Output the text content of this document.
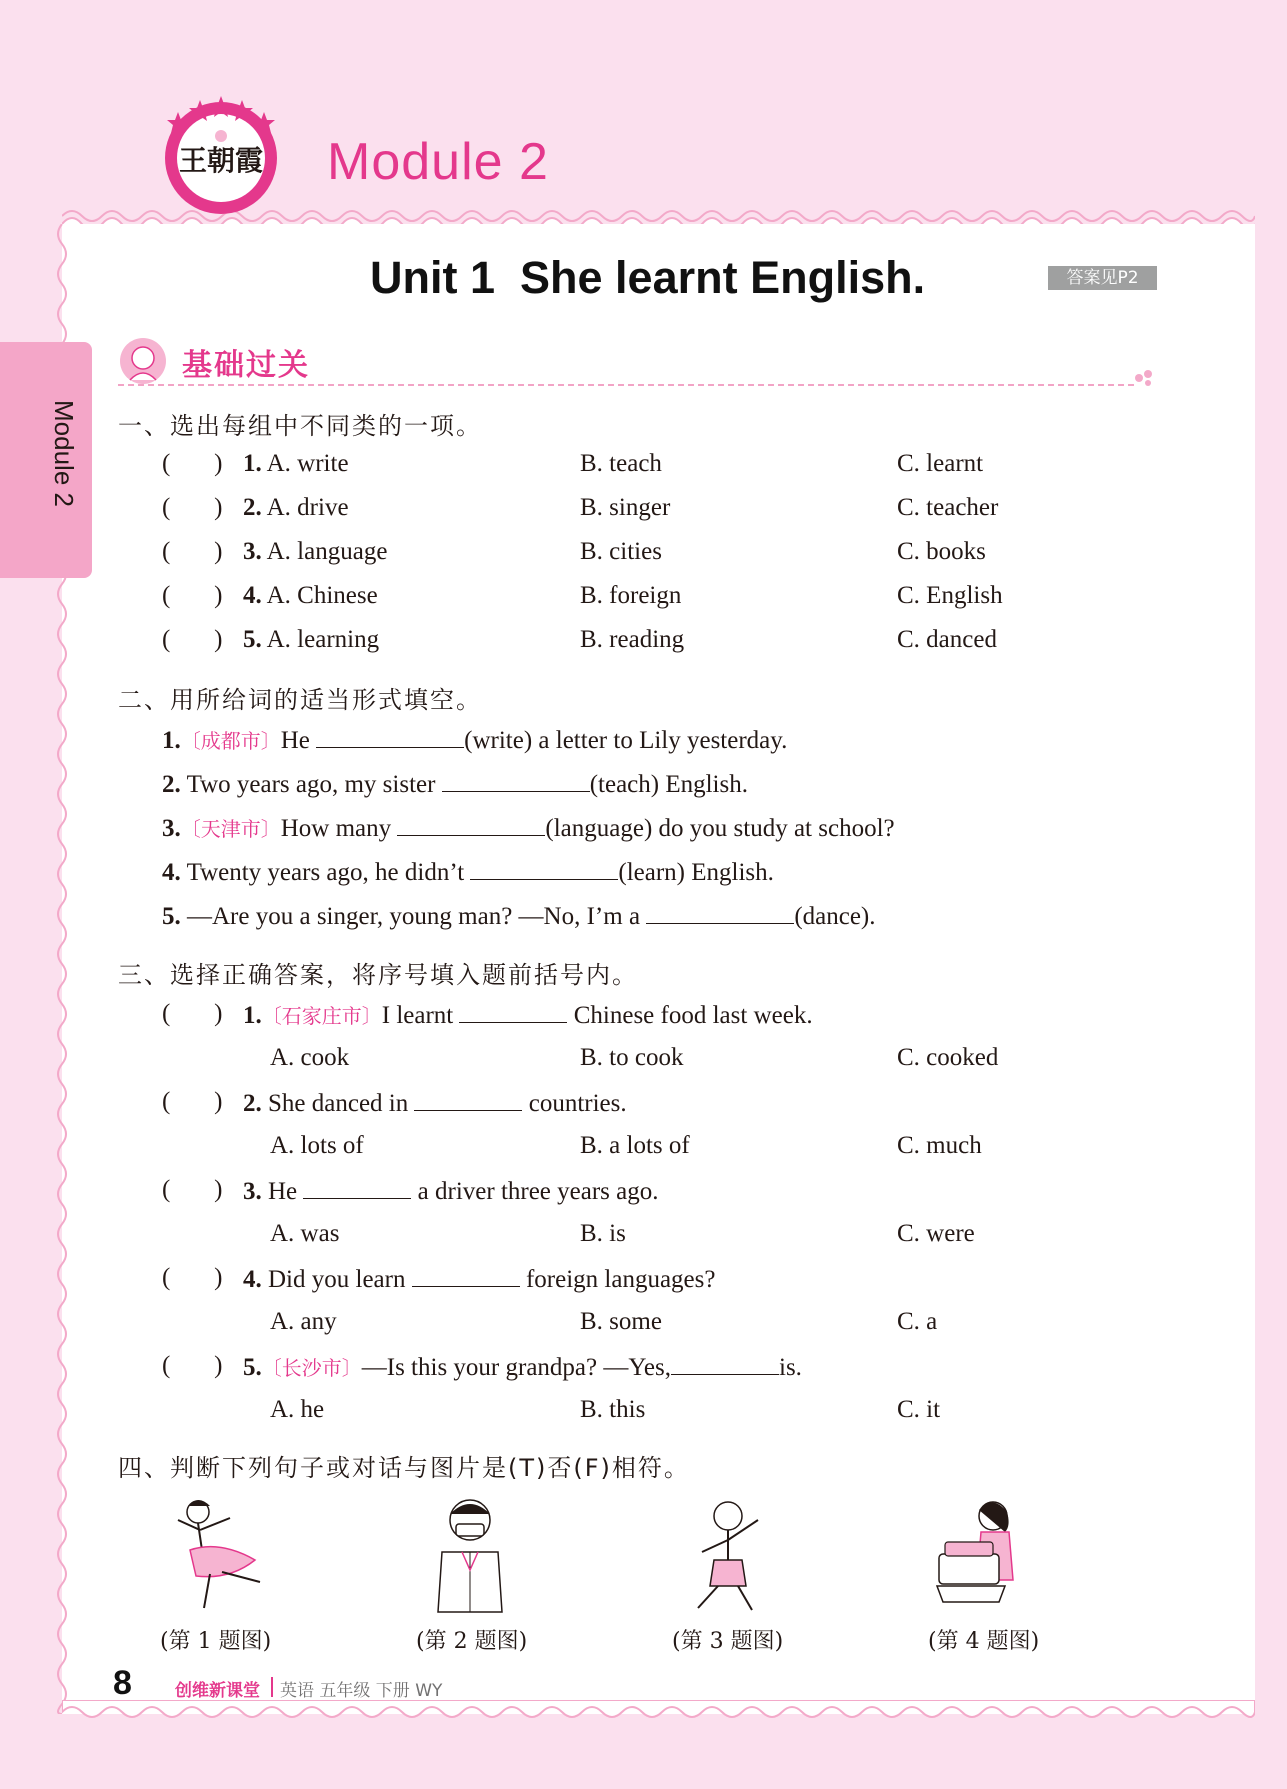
王朝霞 Module 2
Module 2
Unit 1  She learnt English.	答案见P2
基础过关
一、选出每组中不同类的一项。
(       ) 1. A. write	B. teach	C. learnt
(       ) 2. A. drive	B. singer	C. teacher
(       ) 3. A. language	B. cities	C. books
(       ) 4. A. Chinese	B. foreign	C. English
(       ) 5. A. learning	B. reading	C. danced
二、用所给词的适当形式填空。
1.〔成都市〕He	(write) a letter to Lily yesterday.
2. Two years ago, my sister	(teach) English.
3.〔天津市〕How many	(language) do you study at school?
4. Twenty years ago, he didn’t	(learn) English.
5. —Are you a singer, young man? —No, I’m a	(dance).
三、选择正确答案，将序号填入题前括号内。
(       ) 1.〔石家庄市〕I learnt	Chinese food last week.
A. cook	B. to cook	C. cooked
(       ) 2. She danced in	countries.
A. lots of	B. a lots of	C. much
(       ) 3. He	a driver three years ago.
A. was	B. is	C. were
(       ) 4. Did you learn	foreign languages?
A. any	B. some	C. a
(       ) 5.〔长沙市〕—Is this your grandpa? —Yes,	is.
A. he	B. this	C. it
四、判断下列句子或对话与图片是(T)否(F)相符。
(第 1 题图)	(第 2 题图)	(第 3 题图)	(第 4 题图)
8	创维新课堂 英语 五年级 下册 WY
